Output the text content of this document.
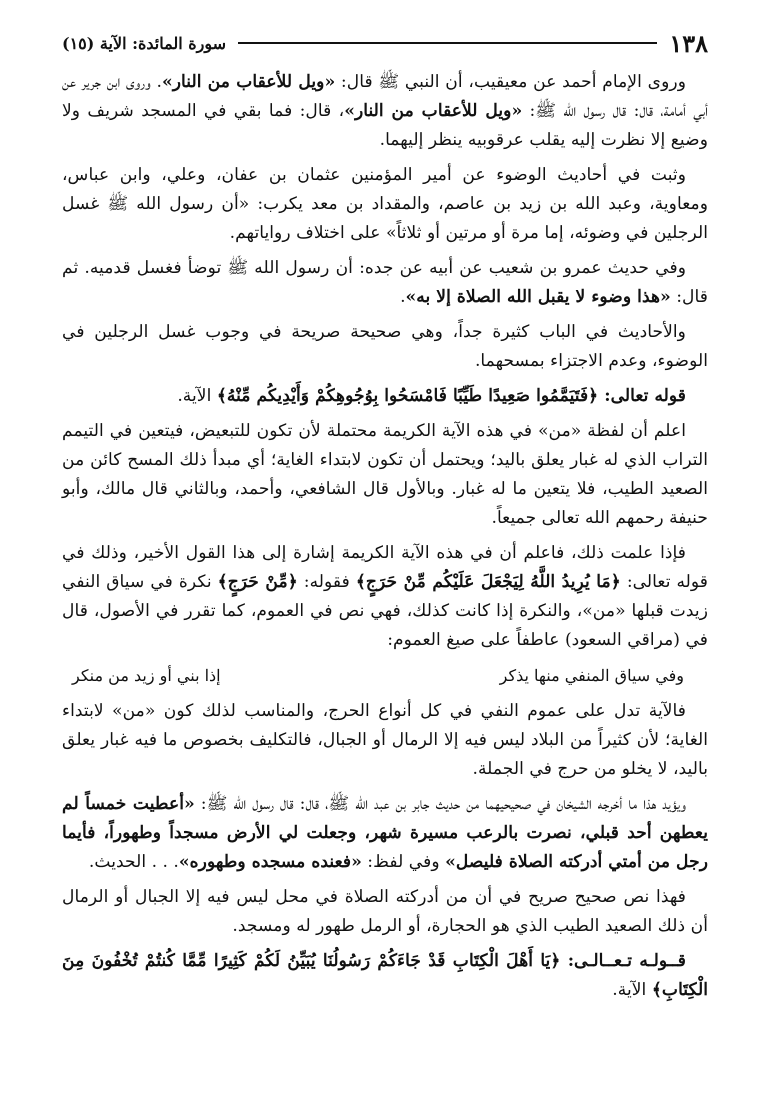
١٣٨
سورة المائدة: الآية (١٥)

وروى الإمام أحمد عن معيقيب، أن النبي ﷺ قال: «ويل للأعقاب من النار». وروى ابن جرير عن أبي أمامة، قال: قال رسول الله ﷺ: «ويل للأعقاب من النار»، قال: فما بقي في المسجد شريف ولا وضيع إلا نظرت إليه يقلب عرقوبيه ينظر إليهما.

وثبت في أحاديث الوضوء عن أمير المؤمنين عثمان بن عفان، وعلي، وابن عباس، ومعاوية، وعبد الله بن زيد بن عاصم، والمقداد بن معد يكرب: «أن رسول الله ﷺ غسل الرجلين في وضوئه، إما مرة أو مرتين أو ثلاثاً» على اختلاف رواياتهم.

وفي حديث عمرو بن شعيب عن أبيه عن جده: أن رسول الله ﷺ توضأ فغسل قدميه. ثم قال: «هذا وضوء لا يقبل الله الصلاة إلا به».

والأحاديث في الباب كثيرة جداً، وهي صحيحة صريحة في وجوب غسل الرجلين في الوضوء، وعدم الاجتزاء بمسحهما.

قوله تعالى: ﴿فَتَيَمَّمُوا صَعِيدًا طَيِّبًا فَامْسَحُوا بِوُجُوهِكُمْ وَأَيْدِيكُم مِّنْهُ﴾ الآية.

اعلم أن لفظة «من» في هذه الآية الكريمة محتملة لأن تكون للتبعيض، فيتعين في التيمم التراب الذي له غبار يعلق باليد؛ ويحتمل أن تكون لابتداء الغاية؛ أي مبدأ ذلك المسح كائن من الصعيد الطيب، فلا يتعين ما له غبار. وبالأول قال الشافعي، وأحمد، وبالثاني قال مالك، وأبو حنيفة رحمهم الله تعالى جميعاً.

فإذا علمت ذلك، فاعلم أن في هذه الآية الكريمة إشارة إلى هذا القول الأخير، وذلك في قوله تعالى: ﴿مَا يُرِيدُ اللَّهُ لِيَجْعَلَ عَلَيْكُم مِّنْ حَرَجٍ﴾ فقوله: ﴿مِّنْ حَرَجٍ﴾ نكرة في سياق النفي زيدت قبلها «من»، والنكرة إذا كانت كذلك، فهي نص في العموم، كما تقرر في الأصول، قال في (مراقي السعود) عاطفاً على صيغ العموم:

وفي سياق المنفي منها يذكر
إذا بني أو زيد من منكر

فالآية تدل على عموم النفي في كل أنواع الحرج، والمناسب لذلك كون «من» لابتداء الغاية؛ لأن كثيراً من البلاد ليس فيه إلا الرمال أو الجبال، فالتكليف بخصوص ما فيه غبار يعلق باليد، لا يخلو من حرج في الجملة.

ويؤيد هذا ما أخرجه الشيخان في صحيحيهما من حديث جابر بن عبد الله ﷺ، قال: قال رسول الله ﷺ: «أعطيت خمساً لم يعطهن أحد قبلي، نصرت بالرعب مسيرة شهر، وجعلت لي الأرض مسجداً وطهوراً، فأيما رجل من أمتي أدركته الصلاة فليصل» وفي لفظ: «فعنده مسجده وطهوره». . . الحديث.

فهذا نص صحيح صريح في أن من أدركته الصلاة في محل ليس فيه إلا الجبال أو الرمال أن ذلك الصعيد الطيب الذي هو الحجارة، أو الرمل طهور له ومسجد.

قــولـه تـعــالـى: ﴿يَا أَهْلَ الْكِتَابِ قَدْ جَاءَكُمْ رَسُولُنَا يُبَيِّنُ لَكُمْ كَثِيرًا مِّمَّا كُنتُمْ تُخْفُونَ مِنَ الْكِتَابِ﴾ الآية.
